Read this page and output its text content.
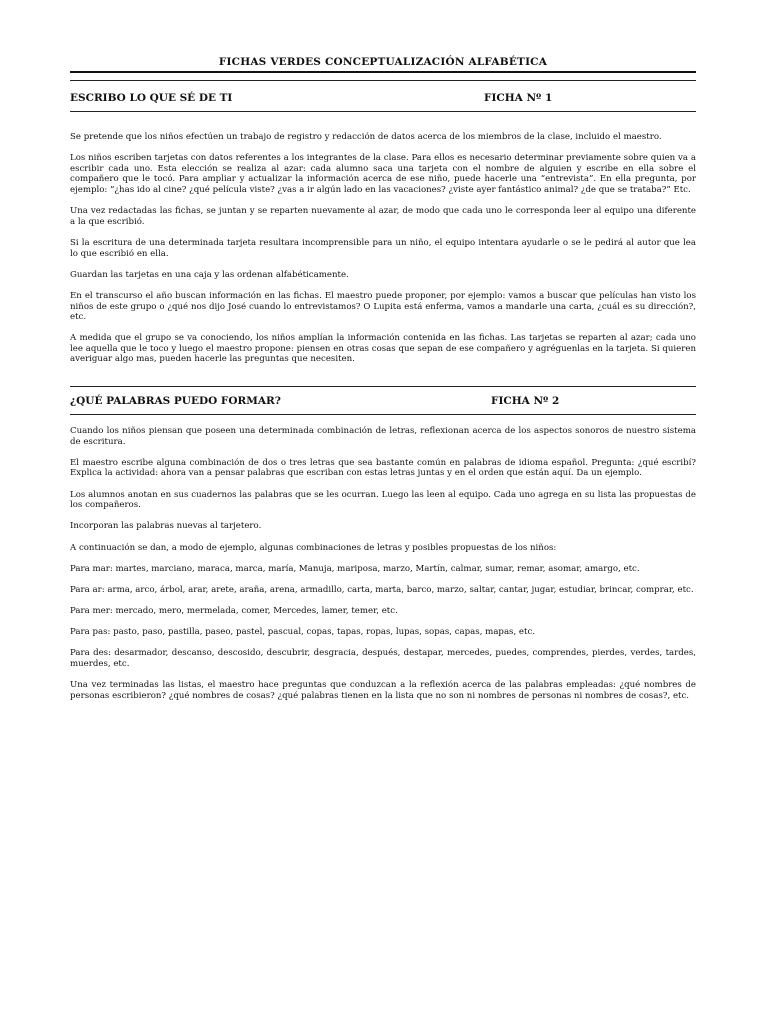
FICHAS VERDES CONCEPTUALIZACIÓN ALFABÉTICA
ESCRIBO LO QUE SÉ DE TI	FICHA Nº 1

Se pretende que los niños efectúen un trabajo de registro y redacción de datos acerca de los miembros de la clase, incluido el maestro.

Los niños escriben tarjetas con datos referentes a los integrantes de la clase. Para ellos es necesario determinar previamente sobre quien va a escribir cada uno. Esta elección se realiza al azar: cada alumno saca una tarjeta con el nombre de alguien y escribe en ella sobre el compañero que le tocó. Para ampliar y actualizar la información acerca de ese niño, puede hacerle una “entrevista”. En ella pregunta, por ejemplo: “¿has ido al cine? ¿qué película viste? ¿vas a ir algún lado en las vacaciones? ¿viste ayer fantástico animal? ¿de que se trataba?” Etc.

Una vez redactadas las fichas, se juntan y se reparten nuevamente al azar, de modo que cada uno le corresponda leer al equipo una diferente a la que escribió.

Si la escritura de una determinada tarjeta resultara incomprensible para un niño, el equipo intentara ayudarle o se le pedirá al autor que lea lo que escribió en ella.

Guardan las tarjetas en una caja y las ordenan alfabéticamente.

En el transcurso el año buscan información en las fichas. El maestro puede proponer, por ejemplo: vamos a buscar que películas han visto los niños de este grupo o ¿qué nos dijo José cuando lo entrevistamos? O Lupita está enferma, vamos a mandarle una carta, ¿cuál es su dirección?, etc.

A medida que el grupo se va conociendo, los niños amplían la información contenida en las fichas. Las tarjetas se reparten al azar; cada uno lee aquella que le toco y luego el maestro propone: piensen en otras cosas que sepan de ese compañero y agréguenlas en la tarjeta. Si quieren averiguar algo mas, pueden hacerle las preguntas que necesiten.

¿QUÉ PALABRAS PUEDO FORMAR?	FICHA Nº 2

Cuando los niños piensan que poseen una determinada combinación de letras, reflexionan acerca de los aspectos sonoros de nuestro sistema de escritura.

El maestro escribe alguna combinación de dos o tres letras que sea bastante común en palabras de idioma español. Pregunta: ¿qué escribí? Explica la actividad: ahora van a pensar palabras que escriban con estas letras juntas y en el orden que están aquí. Da un ejemplo.

Los alumnos anotan en sus cuadernos las palabras que se les ocurran. Luego las leen al equipo. Cada uno agrega en su lista las propuestas de los compañeros.

Incorporan las palabras nuevas al tarjetero.

A continuación se dan, a modo de ejemplo, algunas combinaciones de letras y posibles propuestas de los niños:

Para mar: martes, marciano, maraca, marca, maría, Manuja, mariposa, marzo, Martín, calmar, sumar, remar, asomar, amargo, etc.

Para ar: arma, arco, árbol, arar, arete, araña, arena, armadillo, carta, marta, barco, marzo, saltar, cantar, jugar, estudiar, brincar, comprar, etc.

Para mer: mercado, mero, mermelada, comer, Mercedes, lamer, temer, etc.

Para pas: pasto, paso, pastilla, paseo, pastel, pascual, copas, tapas, ropas, lupas, sopas, capas, mapas, etc.

Para des: desarmador, descanso, descosido, descubrir, desgracia, después, destapar, mercedes, puedes, comprendes, pierdes, verdes, tardes, muerdes, etc.

Una vez terminadas las listas, el maestro hace preguntas que conduzcan a la reflexión acerca de las palabras empleadas: ¿qué nombres de personas escribieron? ¿qué nombres de cosas? ¿qué palabras tienen en la lista que no son ni nombres de personas ni nombres de cosas?, etc.
